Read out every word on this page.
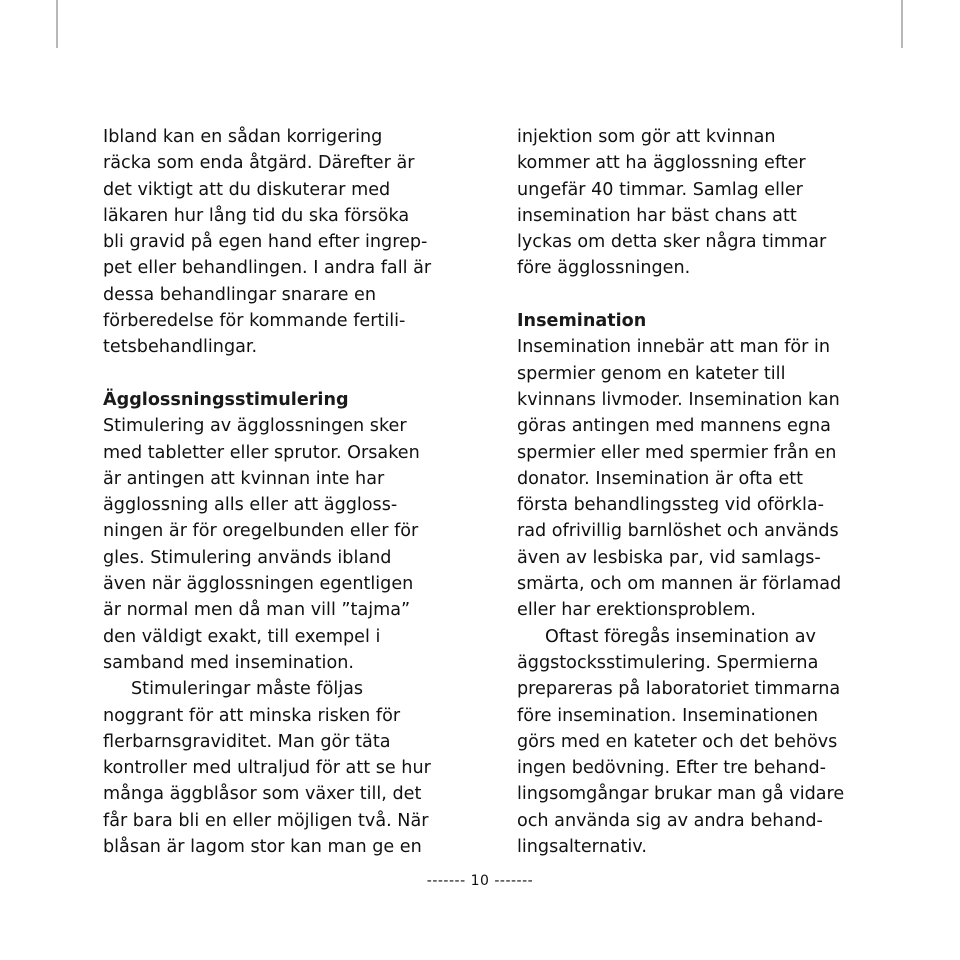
Ibland kan en sådan korrigering
räcka som enda åtgärd. Därefter är
det viktigt att du diskuterar med
läkaren hur lång tid du ska försöka
bli gravid på egen hand efter ingrep-
pet eller behandlingen. I andra fall är
dessa behandlingar snarare en
förberedelse för kommande fertili-
tetsbehandlingar.
Ägglossningsstimulering
Stimulering av ägglossningen sker
med tabletter eller sprutor. Orsaken
är antingen att kvinnan inte har
ägglossning alls eller att äggloss-
ningen är för oregelbunden eller för
gles. Stimulering används ibland
även när ägglossningen egentligen
är normal men då man vill ”tajma”
den väldigt exakt, till exempel i
samband med insemination.
Stimuleringar måste följas
noggrant för att minska risken för
flerbarnsgraviditet. Man gör täta
kontroller med ultraljud för att se hur
många äggblåsor som växer till, det
får bara bli en eller möjligen två. När
blåsan är lagom stor kan man ge en
injektion som gör att kvinnan
kommer att ha ägglossning efter
ungefär 40 timmar. Samlag eller
insemination har bäst chans att
lyckas om detta sker några timmar
före ägglossningen.
Insemination
Insemination innebär att man för in
spermier genom en kateter till
kvinnans livmoder. Insemination kan
göras antingen med mannens egna
spermier eller med spermier från en
donator. Insemination är ofta ett
första behandlingssteg vid oförkla-
rad ofrivillig barnlöshet och används
även av lesbiska par, vid samlags-
smärta, och om mannen är förlamad
eller har erektionsproblem.
Oftast föregås insemination av
äggstocksstimulering. Spermierna
prepareras på laboratoriet timmarna
före insemination. Inseminationen
görs med en kateter och det behövs
ingen bedövning. Efter tre behand-
lingsomgångar brukar man gå vidare
och använda sig av andra behand-
lingsalternativ.
------- 10 -------
